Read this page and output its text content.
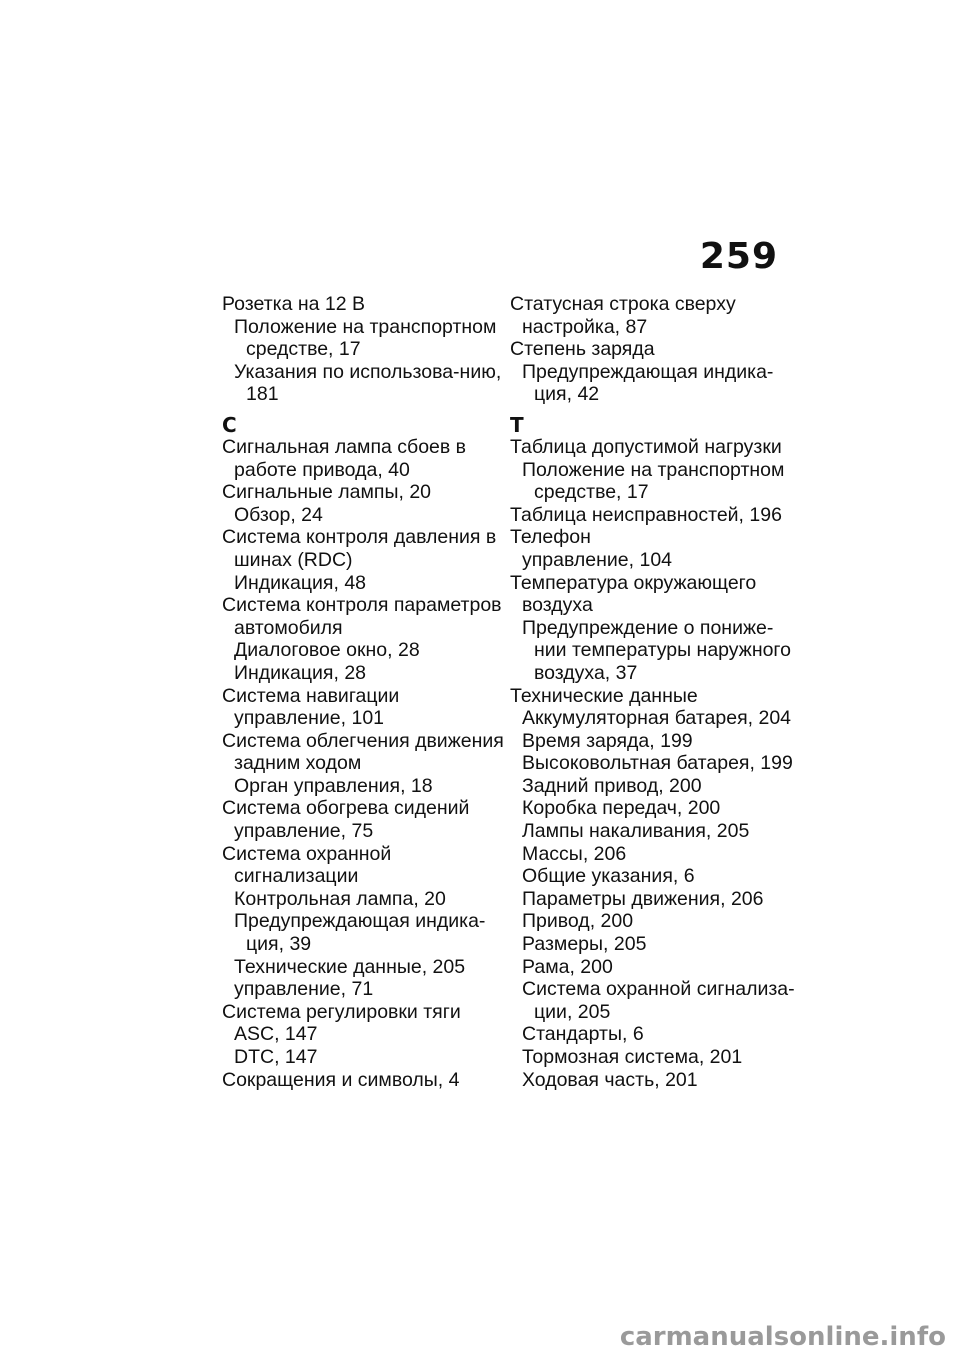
259
Розетка на 12 В
Положение на транспортном средстве, 17
Указания по использова-нию, 181
С
Сигнальная лампа сбоев в работе привода, 40
Сигнальные лампы, 20
Обзор, 24
Система контроля давления в шинах (RDC)
Индикация, 48
Система контроля параметров автомобиля
Диалоговое окно, 28
Индикация, 28
Система навигации
управление, 101
Система облегчения движения задним ходом
Орган управления, 18
Система обогрева сидений
управление, 75
Система охранной сигнализации
Контрольная лампа, 20
Предупреждающая индика-ция, 39
Технические данные, 205
управление, 71
Система регулировки тяги
ASC, 147
DTC, 147
Сокращения и символы, 4
Статусная строка сверху
настройка, 87
Степень заряда
Предупреждающая индика-ция, 42
Т
Таблица допустимой нагрузки
Положение на транспортном средстве, 17
Таблица неисправностей, 196
Телефон
управление, 104
Температура окружающего воздуха
Предупреждение о пониже-нии температуры наружного воздуха, 37
Технические данные
Аккумуляторная батарея, 204
Время заряда, 199
Высоковольтная батарея, 199
Задний привод, 200
Коробка передач, 200
Лампы накаливания, 205
Массы, 206
Общие указания, 6
Параметры движения, 206
Привод, 200
Размеры, 205
Рама, 200
Система охранной сигнализа-ции, 205
Стандарты, 6
Тормозная система, 201
Ходовая часть, 201
carmanualsonline.info
